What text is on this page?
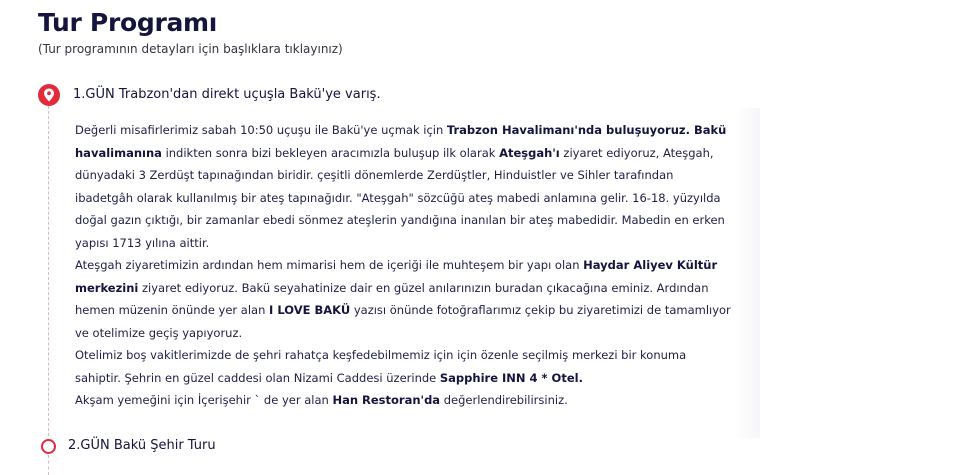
Tur Programı

(Tur programının detayları için başlıklara tıklayınız)

1.GÜN Trabzon'dan direkt uçuşla Bakü'ye varış.

Değerli misafirlerimiz sabah 10:50 uçuşu ile Bakü'ye uçmak için Trabzon Havalimanı'nda buluşuyoruz. Bakü havalimanına indikten sonra bizi bekleyen aracımızla buluşup ilk olarak Ateşgah'ı ziyaret ediyoruz, Ateşgah, dünyadaki 3 Zerdüşt tapınağından biridir. çeşitli dönemlerde Zerdüştler, Hinduistler ve Sihler tarafından ibadetgâh olarak kullanılmış bir ateş tapınağıdır. "Ateşgah" sözcüğü ateş mabedi anlamına gelir. 16-18. yüzyılda doğal gazın çıktığı, bir zamanlar ebedi sönmez ateşlerin yandığına inanılan bir ateş mabedidir. Mabedin en erken yapısı 1713 yılına aittir.

Ateşgah ziyaretimizin ardından hem mimarisi hem de içeriği ile muhteşem bir yapı olan Haydar Aliyev Kültür merkezini ziyaret ediyoruz. Bakü seyahatinize dair en güzel anılarınızın buradan çıkacağına eminiz. Ardından hemen müzenin önünde yer alan I LOVE BAKÜ yazısı önünde fotoğraflarımız çekip bu ziyaretimizi de tamamlıyor ve otelimize geçiş yapıyoruz.

Otelimiz boş vakitlerimizde de şehri rahatça keşfedebilmemiz için için özenle seçilmiş merkezi bir konuma sahiptir. Şehrin en güzel caddesi olan Nizami Caddesi üzerinde Sapphire INN 4 * Otel.

Akşam yemeğini için İçerişehir ` de yer alan Han Restoran'da değerlendirebilirsiniz.

2.GÜN Bakü Şehir Turu
